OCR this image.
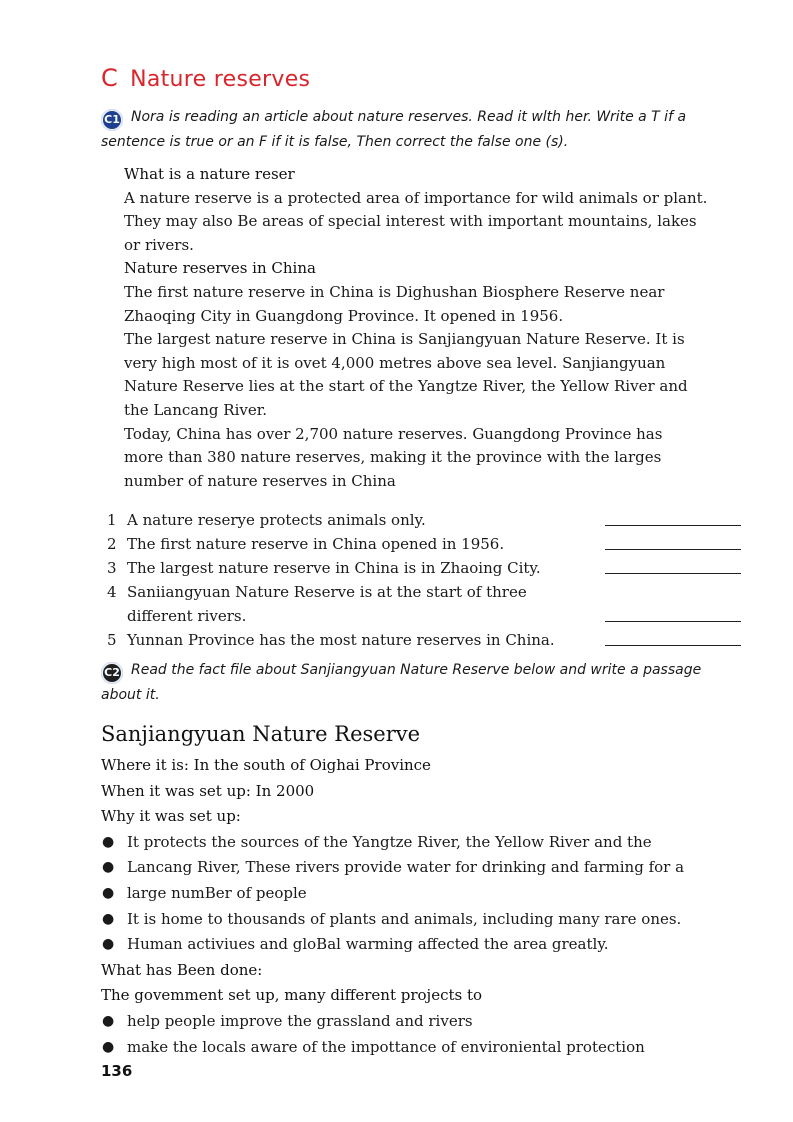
C Nature reserves
C1 Nora is reading an article about nature reserves. Read it wlth her. Write a T if a
sentence is true or an F if it is false, Then correct the false one (s).
What is a nature reser
A nature reserve is a protected area of importance for wild animals or plant.
They may also Be areas of special interest with important mountains, lakes
or rivers.
Nature reserves in China
The first nature reserve in China is Dighushan Biosphere Reserve near
Zhaoqing City in Guangdong Province. It opened in 1956.
The largest nature reserve in China is Sanjiangyuan Nature Reserve. It is
very high most of it is ovet 4,000 metres above sea level. Sanjiangyuan
Nature Reserve lies at the start of the Yangtze River, the Yellow River and
the Lancang River.
Today, China has over 2,700 nature reserves. Guangdong Province has
more than 380 nature reserves, making it the province with the larges
number of nature reserves in China
1 A nature reserye protects animals only.
2 The first nature reserve in China opened in 1956.
3 The largest nature reserve in China is in Zhaoing City.
4 Saniiangyuan Nature Reserve is at the start of three
different rivers.
5 Yunnan Province has the most nature reserves in China.
C2 Read the fact file about Sanjiangyuan Nature Reserve below and write a passage
about it.
Sanjiangyuan Nature Reserve
Where it is: In the south of Oighai Province
When it was set up: In 2000
Why it was set up:
● It protects the sources of the Yangtze River, the Yellow River and the
● Lancang River, These rivers provide water for drinking and farming for a
● large numBer of people
● It is home to thousands of plants and animals, including many rare ones.
● Human activiues and gloBal warming affected the area greatly.
What has Been done:
The govemment set up, many different projects to
● help people improve the grassland and rivers
● make the locals aware of the impottance of environiental protection
136
